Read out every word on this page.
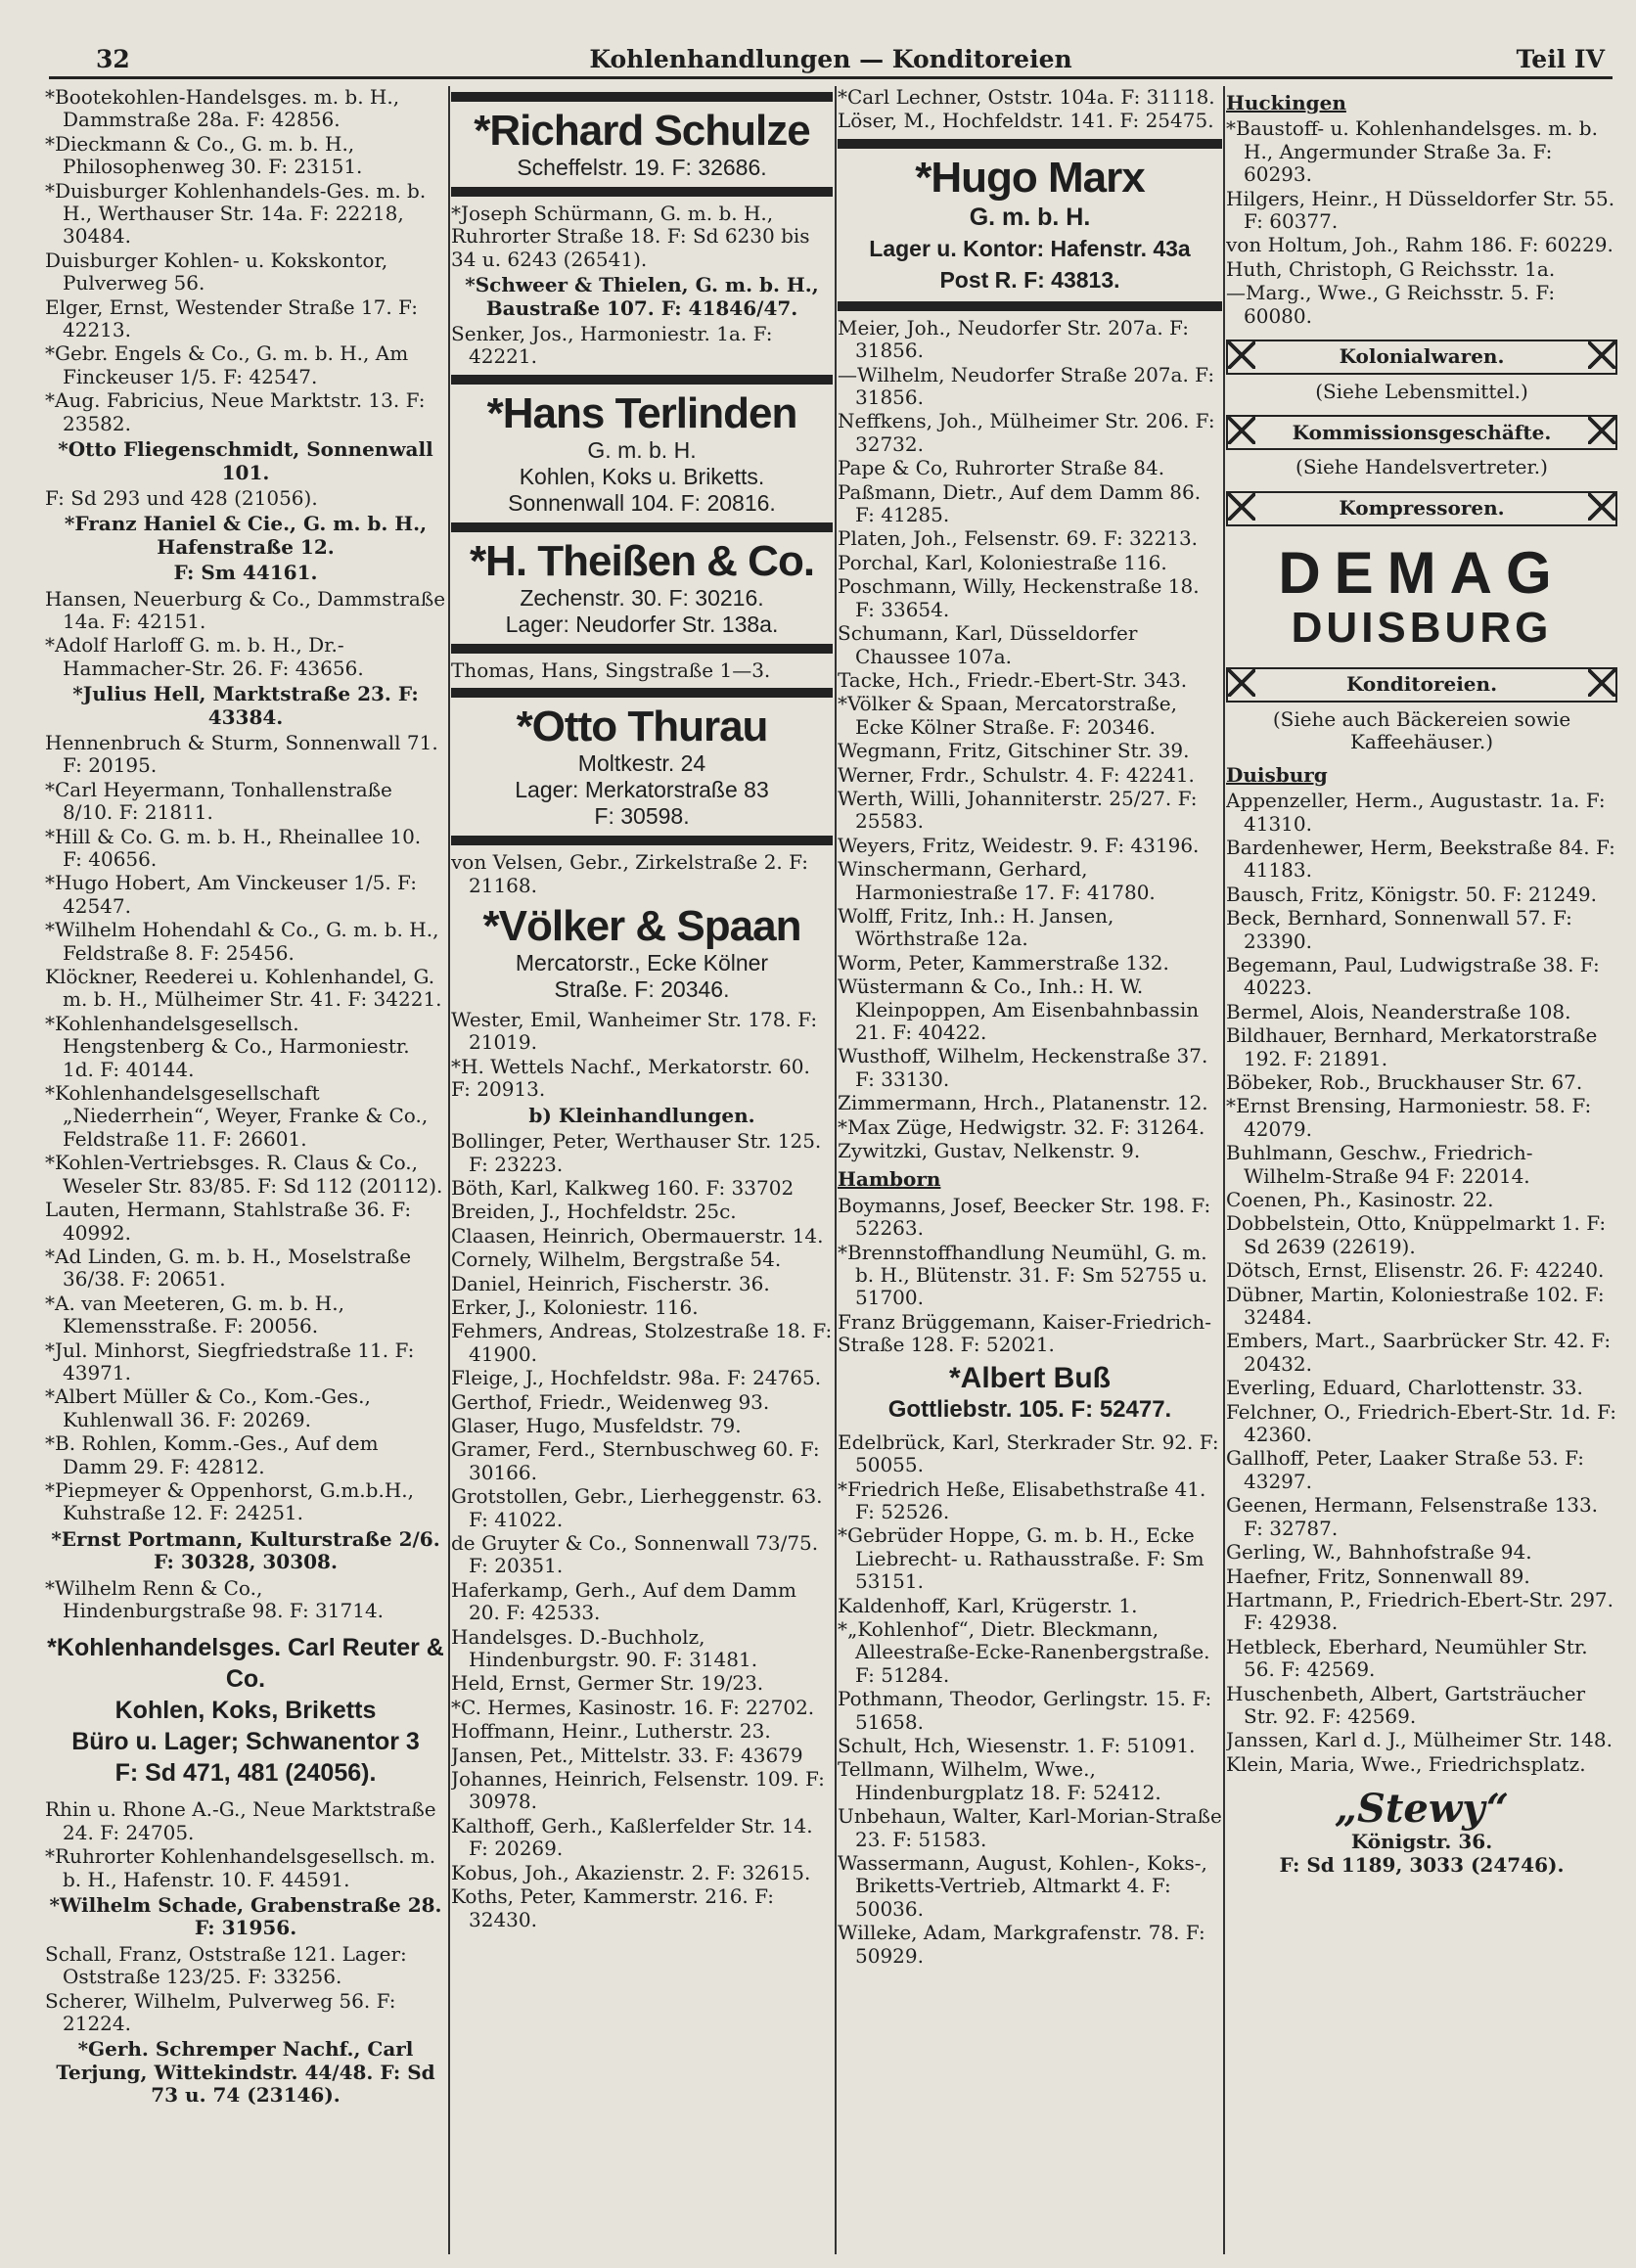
32	Kohlenhandlungen — Konditoreien	Teil IV
*Bootekohlen-Handelsges. m. b. H., Dammstraße 28a. F: 42856.
*Dieckmann & Co., G. m. b. H., Philosophenweg 30. F: 23151.
*Duisburger Kohlenhandels-Ges. m. b. H., Werthauser Str. 14a. F: 22218, 30484.
Duisburger Kohlen- u. Kokskontor, Pulverweg 56.
Elger, Ernst, Westender Straße 17. F: 42213.
*Gebr. Engels & Co., G. m. b. H., Am Finckeuser 1/5. F: 42547.
*Aug. Fabricius, Neue Marktstr. 13. F: 23582.
*Otto Fliegenschmidt, Sonnenwall 101.
F: Sd 293 und 428 (21056).
*Franz Haniel & Cie., G. m. b. H., Hafenstraße 12.
F: Sm 44161.
Hansen, Neuerburg & Co., Dammstraße 14a. F: 42151.
*Adolf Harloff G. m. b. H., Dr.-Hammacher-Str. 26. F: 43656.
*Julius Hell, Marktstraße 23. F: 43384.
Hennenbruch & Sturm, Sonnenwall 71. F: 20195.
*Carl Heyermann, Tonhallenstraße 8/10. F: 21811.
*Hill & Co. G. m. b. H., Rheinallee 10. F: 40656.
*Hugo Hobert, Am Vinckeuser 1/5. F: 42547.
*Wilhelm Hohendahl & Co., G. m. b. H., Feldstraße 8. F: 25456.
Klöckner, Reederei u. Kohlenhandel, G. m. b. H., Mülheimer Str. 41. F: 34221.
*Kohlenhandelsgesellsch. Hengstenberg & Co., Harmoniestr. 1d. F: 40144.
*Kohlenhandelsgesellschaft „Niederrhein“, Weyer, Franke & Co., Feldstraße 11. F: 26601.
*Kohlen-Vertriebsges. R. Claus & Co., Weseler Str. 83/85. F: Sd 112 (20112).
Lauten, Hermann, Stahlstraße 36. F: 40992.
*Ad Linden, G. m. b. H., Moselstraße 36/38. F: 20651.
*A. van Meeteren, G. m. b. H., Klemensstraße. F: 20056.
*Jul. Minhorst, Siegfriedstraße 11. F: 43971.
*Albert Müller & Co., Kom.-Ges., Kuhlenwall 36. F: 20269.
*B. Rohlen, Komm.-Ges., Auf dem Damm 29. F: 42812.
*Piepmeyer & Oppenhorst, G.m.b.H., Kuhstraße 12. F: 24251.
*Ernst Portmann, Kulturstraße 2/6. F: 30328, 30308.
*Wilhelm Renn & Co., Hindenburgstraße 98. F: 31714.
*Kohlenhandelsges. Carl Reuter & Co.
Kohlen, Koks, Briketts
Büro u. Lager; Schwanentor 3
F: Sd 471, 481 (24056).
Rhin u. Rhone A.-G., Neue Marktstraße 24. F: 24705.
*Ruhrorter Kohlenhandelsgesellsch. m. b. H., Hafenstr. 10. F. 44591.
*Wilhelm Schade, Grabenstraße 28. F: 31956.
Schall, Franz, Oststraße 121. Lager: Oststraße 123/25. F: 33256.
Scherer, Wilhelm, Pulverweg 56. F: 21224.
*Gerh. Schremper Nachf., Carl Terjung, Wittekindstr. 44/48. F: Sd 73 u. 74 (23146).
*Richard Schulze
Scheffelstr. 19. F: 32686.
*Joseph Schürmann, G. m. b. H., Ruhrorter Straße 18. F: Sd 6230 bis 34 u. 6243 (26541).
*Schweer & Thielen, G. m. b. H., Baustraße 107. F: 41846/47.
Senker, Jos., Harmoniestr. 1a. F: 42221.
*Hans Terlinden
G. m. b. H.
Kohlen, Koks u. Briketts.
Sonnenwall 104. F: 20816.
*H. Theißen & Co.
Zechenstr. 30. F: 30216.
Lager: Neudorfer Str. 138a.
Thomas, Hans, Singstraße 1—3.
*Otto Thurau
Moltkestr. 24
Lager: Merkatorstraße 83
F: 30598.
von Velsen, Gebr., Zirkelstraße 2. F: 21168.
*Völker & Spaan
Mercatorstr., Ecke Kölner
Straße. F: 20346.
Wester, Emil, Wanheimer Str. 178. F: 21019.
*H. Wettels Nachf., Merkatorstr. 60. F: 20913.
b) Kleinhandlungen.
Bollinger, Peter, Werthauser Str. 125. F: 23223.
Böth, Karl, Kalkweg 160. F: 33702
Breiden, J., Hochfeldstr. 25c.
Claasen, Heinrich, Obermauerstr. 14.
Cornely, Wilhelm, Bergstraße 54.
Daniel, Heinrich, Fischerstr. 36.
Erker, J., Koloniestr. 116.
Fehmers, Andreas, Stolzestraße 18. F: 41900.
Fleige, J., Hochfeldstr. 98a. F: 24765.
Gerthof, Friedr., Weidenweg 93.
Glaser, Hugo, Musfeldstr. 79.
Gramer, Ferd., Sternbuschweg 60. F: 30166.
Grotstollen, Gebr., Lierheggenstr. 63. F: 41022.
de Gruyter & Co., Sonnenwall 73/75. F: 20351.
Haferkamp, Gerh., Auf dem Damm 20. F: 42533.
Handelsges. D.-Buchholz, Hindenburgstr. 90. F: 31481.
Held, Ernst, Germer Str. 19/23.
*C. Hermes, Kasinostr. 16. F: 22702.
Hoffmann, Heinr., Lutherstr. 23.
Jansen, Pet., Mittelstr. 33. F: 43679
Johannes, Heinrich, Felsenstr. 109. F: 30978.
Kalthoff, Gerh., Kaßlerfelder Str. 14. F: 20269.
Kobus, Joh., Akazienstr. 2. F: 32615.
Koths, Peter, Kammerstr. 216. F: 32430.
*Carl Lechner, Oststr. 104a. F: 31118.
Löser, M., Hochfeldstr. 141. F: 25475.
*Hugo Marx
G. m. b. H.
Lager u. Kontor: Hafenstr. 43a
Post R. F: 43813.
Meier, Joh., Neudorfer Str. 207a. F: 31856.
—Wilhelm, Neudorfer Straße 207a. F: 31856.
Neffkens, Joh., Mülheimer Str. 206. F: 32732.
Pape & Co, Ruhrorter Straße 84.
Paßmann, Dietr., Auf dem Damm 86. F: 41285.
Platen, Joh., Felsenstr. 69. F: 32213.
Porchal, Karl, Koloniestraße 116.
Poschmann, Willy, Heckenstraße 18. F: 33654.
Schumann, Karl, Düsseldorfer Chaussee 107a.
Tacke, Hch., Friedr.-Ebert-Str. 343.
*Völker & Spaan, Mercatorstraße, Ecke Kölner Straße. F: 20346.
Wegmann, Fritz, Gitschiner Str. 39.
Werner, Frdr., Schulstr. 4. F: 42241.
Werth, Willi, Johanniterstr. 25/27. F: 25583.
Weyers, Fritz, Weidestr. 9. F: 43196.
Winschermann, Gerhard, Harmoniestraße 17. F: 41780.
Wolff, Fritz, Inh.: H. Jansen, Wörthstraße 12a.
Worm, Peter, Kammerstraße 132.
Wüstermann & Co., Inh.: H. W. Kleinpoppen, Am Eisenbahnbassin 21. F: 40422.
Wusthoff, Wilhelm, Heckenstraße 37. F: 33130.
Zimmermann, Hrch., Platanenstr. 12.
*Max Züge, Hedwigstr. 32. F: 31264.
Zywitzki, Gustav, Nelkenstr. 9.
Hamborn
Boymanns, Josef, Beecker Str. 198. F: 52263.
*Brennstoffhandlung Neumühl, G. m. b. H., Blütenstr. 31. F: Sm 52755 u. 51700.
Franz Brüggemann, Kaiser-Friedrich-Straße 128. F: 52021.
*Albert Buß
Gottliebstr. 105. F: 52477.
Edelbrück, Karl, Sterkrader Str. 92. F: 50055.
*Friedrich Heße, Elisabethstraße 41. F: 52526.
*Gebrüder Hoppe, G. m. b. H., Ecke Liebrecht- u. Rathausstraße. F: Sm 53151.
Kaldenhoff, Karl, Krügerstr. 1.
*„Kohlenhof“, Dietr. Bleckmann, Alleestraße-Ecke-Ranenbergstraße. F: 51284.
Pothmann, Theodor, Gerlingstr. 15. F: 51658.
Schult, Hch, Wiesenstr. 1. F: 51091.
Tellmann, Wilhelm, Wwe., Hindenburgplatz 18. F: 52412.
Unbehaun, Walter, Karl-Morian-Straße 23. F: 51583.
Wassermann, August, Kohlen-, Koks-, Briketts-Vertrieb, Altmarkt 4. F: 50036.
Willeke, Adam, Markgrafenstr. 78. F: 50929.
Huckingen
*Baustoff- u. Kohlenhandelsges. m. b. H., Angermunder Straße 3a. F: 60293.
Hilgers, Heinr., H Düsseldorfer Str. 55. F: 60377.
von Holtum, Joh., Rahm 186. F: 60229.
Huth, Christoph, G Reichsstr. 1a.
—Marg., Wwe., G Reichsstr. 5. F: 60080.
Kolonialwaren.
(Siehe Lebensmittel.)
Kommissionsgeschäfte.
(Siehe Handelsvertreter.)
Kompressoren.
DEMAG
DUISBURG
Konditoreien.
(Siehe auch Bäckereien sowie Kaffeehäuser.)
Duisburg
Appenzeller, Herm., Augustastr. 1a. F: 41310.
Bardenhewer, Herm, Beekstraße 84. F: 41183.
Bausch, Fritz, Königstr. 50. F: 21249.
Beck, Bernhard, Sonnenwall 57. F: 23390.
Begemann, Paul, Ludwigstraße 38. F: 40223.
Bermel, Alois, Neanderstraße 108.
Bildhauer, Bernhard, Merkatorstraße 192. F: 21891.
Böbeker, Rob., Bruckhauser Str. 67.
*Ernst Brensing, Harmoniestr. 58. F: 42079.
Buhlmann, Geschw., Friedrich-Wilhelm-Straße 94 F: 22014.
Coenen, Ph., Kasinostr. 22.
Dobbelstein, Otto, Knüppelmarkt 1. F: Sd 2639 (22619).
Dötsch, Ernst, Elisenstr. 26. F: 42240.
Dübner, Martin, Koloniestraße 102. F: 32484.
Embers, Mart., Saarbrücker Str. 42. F: 20432.
Everling, Eduard, Charlottenstr. 33.
Felchner, O., Friedrich-Ebert-Str. 1d. F: 42360.
Gallhoff, Peter, Laaker Straße 53. F: 43297.
Geenen, Hermann, Felsenstraße 133. F: 32787.
Gerling, W., Bahnhofstraße 94.
Haefner, Fritz, Sonnenwall 89.
Hartmann, P., Friedrich-Ebert-Str. 297. F: 42938.
Hetbleck, Eberhard, Neumühler Str. 56. F: 42569.
Huschenbeth, Albert, Gartsträucher Str. 92. F: 42569.
Janssen, Karl d. J., Mülheimer Str. 148.
Klein, Maria, Wwe., Friedrichsplatz.
„Stewy“
Königstr. 36.
F: Sd 1189, 3033 (24746).
